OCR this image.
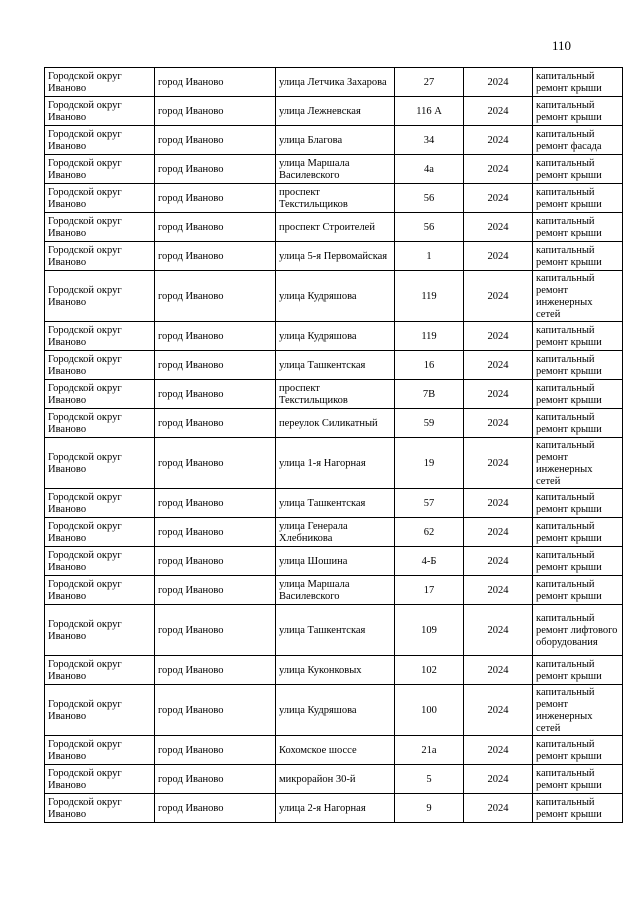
110
Городской округ Иваново	город Иваново	улица Летчика Захарова	27	2024	капитальный ремонт крыши
Городской округ Иваново	город Иваново	улица Лежневская	116 А	2024	капитальный ремонт крыши
Городской округ Иваново	город Иваново	улица Благова	34	2024	капитальный ремонт фасада
Городской округ Иваново	город Иваново	улица Маршала Василевского	4а	2024	капитальный ремонт крыши
Городской округ Иваново	город Иваново	проспект Текстильщиков	56	2024	капитальный ремонт крыши
Городской округ Иваново	город Иваново	проспект Строителей	56	2024	капитальный ремонт крыши
Городской округ Иваново	город Иваново	улица 5-я Первомайская	1	2024	капитальный ремонт крыши
Городской округ Иваново	город Иваново	улица Кудряшова	119	2024	капитальный ремонт инженерных сетей
Городской округ Иваново	город Иваново	улица Кудряшова	119	2024	капитальный ремонт крыши
Городской округ Иваново	город Иваново	улица Ташкентская	16	2024	капитальный ремонт крыши
Городской округ Иваново	город Иваново	проспект Текстильщиков	7В	2024	капитальный ремонт крыши
Городской округ Иваново	город Иваново	переулок Силикатный	59	2024	капитальный ремонт крыши
Городской округ Иваново	город Иваново	улица 1-я Нагорная	19	2024	капитальный ремонт инженерных сетей
Городской округ Иваново	город Иваново	улица Ташкентская	57	2024	капитальный ремонт крыши
Городской округ Иваново	город Иваново	улица Генерала Хлебникова	62	2024	капитальный ремонт крыши
Городской округ Иваново	город Иваново	улица Шошина	4-Б	2024	капитальный ремонт крыши
Городской округ Иваново	город Иваново	улица Маршала Василевского	17	2024	капитальный ремонт крыши
Городской округ Иваново	город Иваново	улица Ташкентская	109	2024	капитальный ремонт лифтового оборудования
Городской округ Иваново	город Иваново	улица Куконковых	102	2024	капитальный ремонт крыши
Городской округ Иваново	город Иваново	улица Кудряшова	100	2024	капитальный ремонт инженерных сетей
Городской округ Иваново	город Иваново	Кохомское шоссе	21а	2024	капитальный ремонт крыши
Городской округ Иваново	город Иваново	микрорайон 30-й	5	2024	капитальный ремонт крыши
Городской округ Иваново	город Иваново	улица 2-я Нагорная	9	2024	капитальный ремонт крыши
